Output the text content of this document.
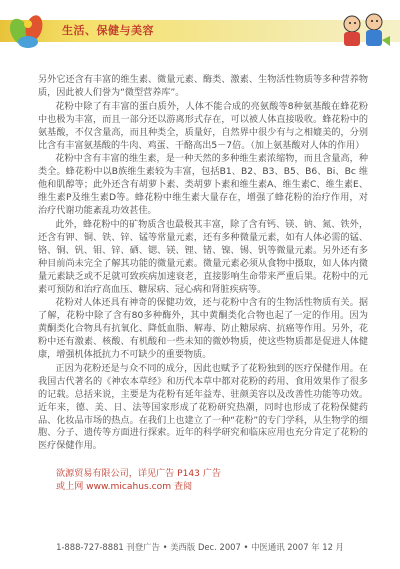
生活、保健与美容

另外它还含有丰富的维生素、微量元素、酶类、激素、生物活性物质等多种营养物质，因此被人们誉为“微型营养库”。

花粉中除了有丰富的蛋白质外，人体不能合成的亮氨酸等8种氨基酸在蜂花粉中也极为丰富，而且一部分还以游离形式存在，可以被人体直接吸收。蜂花粉中的氨基酸，不仅含量高，而且种类全，质量好，自然界中很少有与之相媲美的，分别比含有丰富氨基酸的牛肉、鸡蛋、干酪高出5－7倍。（加上氨基酸对人体的作用）

花粉中含有丰富的维生素，是一种天然的多种维生素浓缩物，而且含量高，种类全。蜂花粉中以B族维生素较为丰富，包括B1、B2、B3、B5、B6、Bi、Bc 维他和肌醇等；此外还含有胡萝卜素、类胡萝卜素和维生素A、维生素C、维生素E、维生素P及维生素D等。蜂花粉中维生素大量存在，增强了蜂花粉的治疗作用，对治疗代谢功能紊乱功效甚佳。

此外，蜂花粉中的矿物质含也最极其丰富，除了含有钙、镁、钠、氮、铁外，还含有钾、铜、铁、锌、锰等常量元素，还有多种微量元素，如有人体必需的锰、铬、铜、钒、钼、锌、硒、锶、镁、锂、锗、镍、锡、钒等微量元素。另外还有多种目前尚未完全了解其功能的微量元素。微量元素必须从食物中摄取，如人体内微量元素缺乏或不足就可致疾病加速衰老，直接影响生命带来严重后果。花粉中的元素可预防和治疗高血压、糖尿病、冠心病和肾脏疾病等。

花粉对人体还具有神奇的保健功效，还与花粉中含有的生物活性物质有关。据了解，花粉中除了含有80多种酶外，其中黄酮类化合物也起了一定的作用。因为黄酮类化合物具有抗氧化、降低血脂、解毒、防止糖尿病、抗癌等作用。另外，花粉中还有激素、核酸、有机酸和一些未知的微妙物质，使这些物质都是促进人体健康，增强机体抵抗力不可缺少的重要物质。

正因为花粉还是与众不同的成分，因此也赋予了花粉独到的医疗保健作用。在我国古代著名的《神农本草经》和历代本草中都对花粉的药用、食用效果作了很多的记载。总括来说，主要是为花粉有延年益寿、驻颜美容以及改善性功能等功效。近年来，德、美、日、法等国家形成了花粉研究热潮，同时也形成了花粉保健药品、化妆品市场的热点。在我们上也建立了一种“花粉”的专门学科，从生物学的细胞、分子、遗传等方面进行探索。近年的科学研究和临床应用也充分肯定了花粉的医疗保健作用。

欲源贸易有限公司，详见广告 P143 广告
或上网 www.micahus.com 查阅
1-888-727-8881 刊登广告 • 美西版 Dec. 2007 • 中医通讯 2007 年 12 月
